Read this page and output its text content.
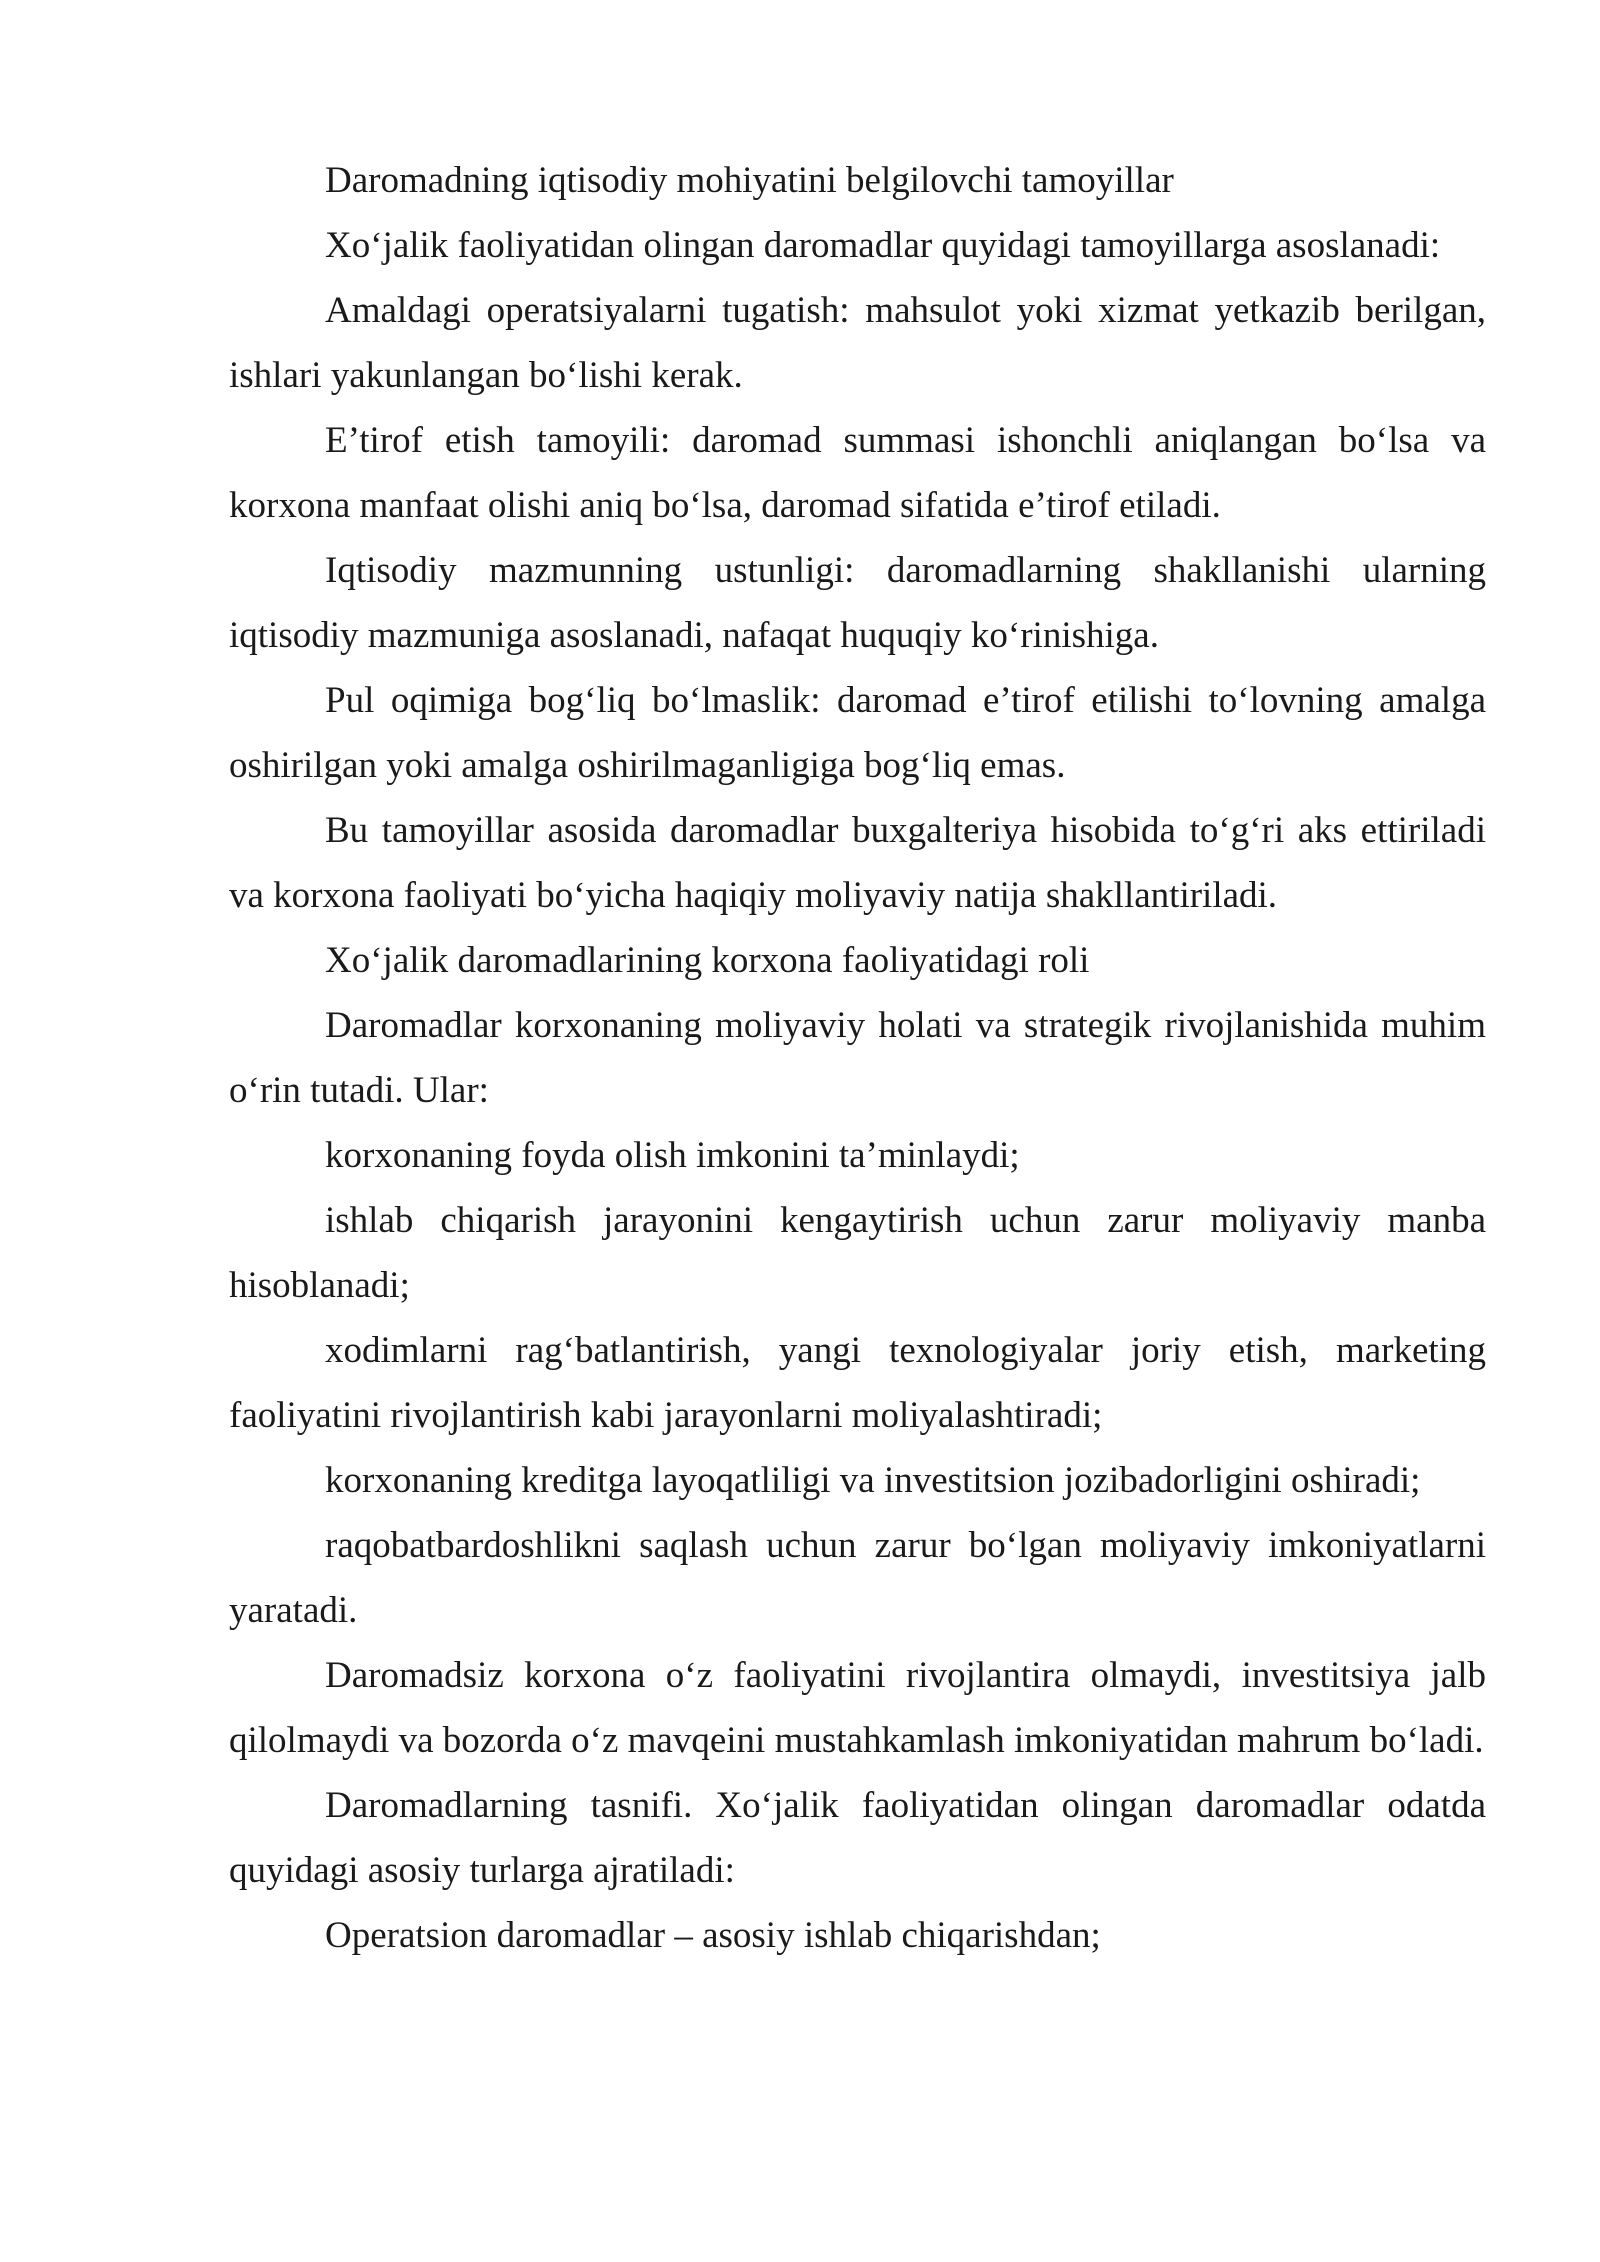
Daromadning iqtisodiy mohiyatini belgilovchi tamoyillar

Xo‘jalik faoliyatidan olingan daromadlar quyidagi tamoyillarga asoslanadi:

Amaldagi operatsiyalarni tugatish: mahsulot yoki xizmat yetkazib berilgan, ishlari yakunlangan bo‘lishi kerak.

E’tirof etish tamoyili: daromad summasi ishonchli aniqlangan bo‘lsa va korxona manfaat olishi aniq bo‘lsa, daromad sifatida e’tirof etiladi.

Iqtisodiy mazmunning ustunligi: daromadlarning shakllanishi ularning iqtisodiy mazmuniga asoslanadi, nafaqat huquqiy ko‘rinishiga.

Pul oqimiga bog‘liq bo‘lmaslik: daromad e’tirof etilishi to‘lovning amalga oshirilgan yoki amalga oshirilmaganligiga bog‘liq emas.

Bu tamoyillar asosida daromadlar buxgalteriya hisobida to‘g‘ri aks ettiriladi va korxona faoliyati bo‘yicha haqiqiy moliyaviy natija shakllantiriladi.

Xo‘jalik daromadlarining korxona faoliyatidagi roli

Daromadlar korxonaning moliyaviy holati va strategik rivojlanishida muhim o‘rin tutadi. Ular:

korxonaning foyda olish imkonini ta’minlaydi;

ishlab chiqarish jarayonini kengaytirish uchun zarur moliyaviy manba hisoblanadi;

xodimlarni rag‘batlantirish, yangi texnologiyalar joriy etish, marketing faoliyatini rivojlantirish kabi jarayonlarni moliyalashtiradi;

korxonaning kreditga layoqatliligi va investitsion jozibadorligini oshiradi;

raqobatbardoshlikni saqlash uchun zarur bo‘lgan moliyaviy imkoniyatlarni yaratadi.

Daromadsiz korxona o‘z faoliyatini rivojlantira olmaydi, investitsiya jalb qilolmaydi va bozorda o‘z mavqeini mustahkamlash imkoniyatidan mahrum bo‘ladi.

Daromadlarning tasnifi. Xo‘jalik faoliyatidan olingan daromadlar odatda quyidagi asosiy turlarga ajratiladi:

Operatsion daromadlar – asosiy ishlab chiqarishdan;
